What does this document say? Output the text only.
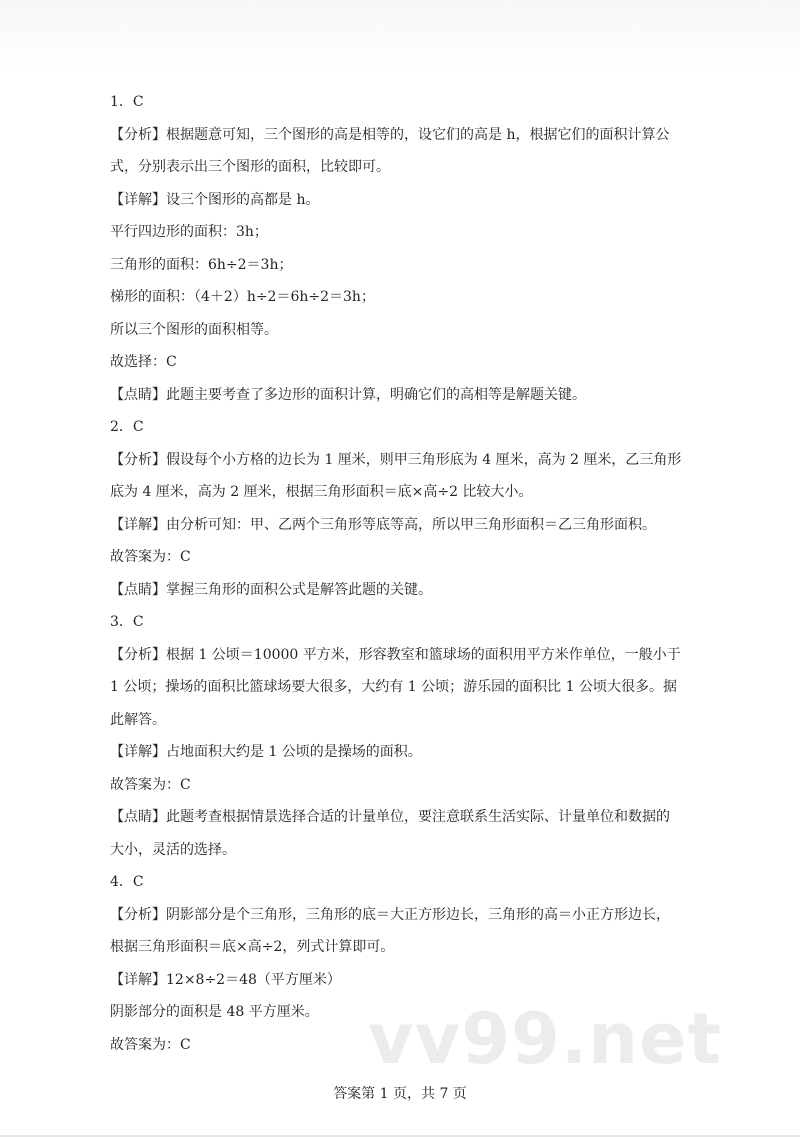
1．C
【分析】根据题意可知，三个图形的高是相等的，设它们的高是 h，根据它们的面积计算公
式，分别表示出三个图形的面积，比较即可。
【详解】设三个图形的高都是 h。
平行四边形的面积：3h；
三角形的面积：6h÷2＝3h；
梯形的面积：（4＋2）h÷2＝6h÷2＝3h；
所以三个图形的面积相等。
故选择：C
【点睛】此题主要考查了多边形的面积计算，明确它们的高相等是解题关键。
2．C
【分析】假设每个小方格的边长为 1 厘米，则甲三角形底为 4 厘米，高为 2 厘米，乙三角形
底为 4 厘米，高为 2 厘米，根据三角形面积＝底×高÷2 比较大小。
【详解】由分析可知：甲、乙两个三角形等底等高，所以甲三角形面积＝乙三角形面积。
故答案为：C
【点睛】掌握三角形的面积公式是解答此题的关键。
3．C
【分析】根据 1 公顷＝10000 平方米，形容教室和篮球场的面积用平方米作单位，一般小于
1 公顷；操场的面积比篮球场要大很多，大约有 1 公顷；游乐园的面积比 1 公顷大很多。据
此解答。
【详解】占地面积大约是 1 公顷的是操场的面积。
故答案为：C
【点睛】此题考查根据情景选择合适的计量单位，要注意联系生活实际、计量单位和数据的
大小，灵活的选择。
4．C
【分析】阴影部分是个三角形，三角形的底＝大正方形边长，三角形的高＝小正方形边长，
根据三角形面积＝底×高÷2，列式计算即可。
【详解】12×8÷2＝48（平方厘米）
阴影部分的面积是 48 平方厘米。
故答案为：C	vv99.net
答案第 1 页，共 7 页
